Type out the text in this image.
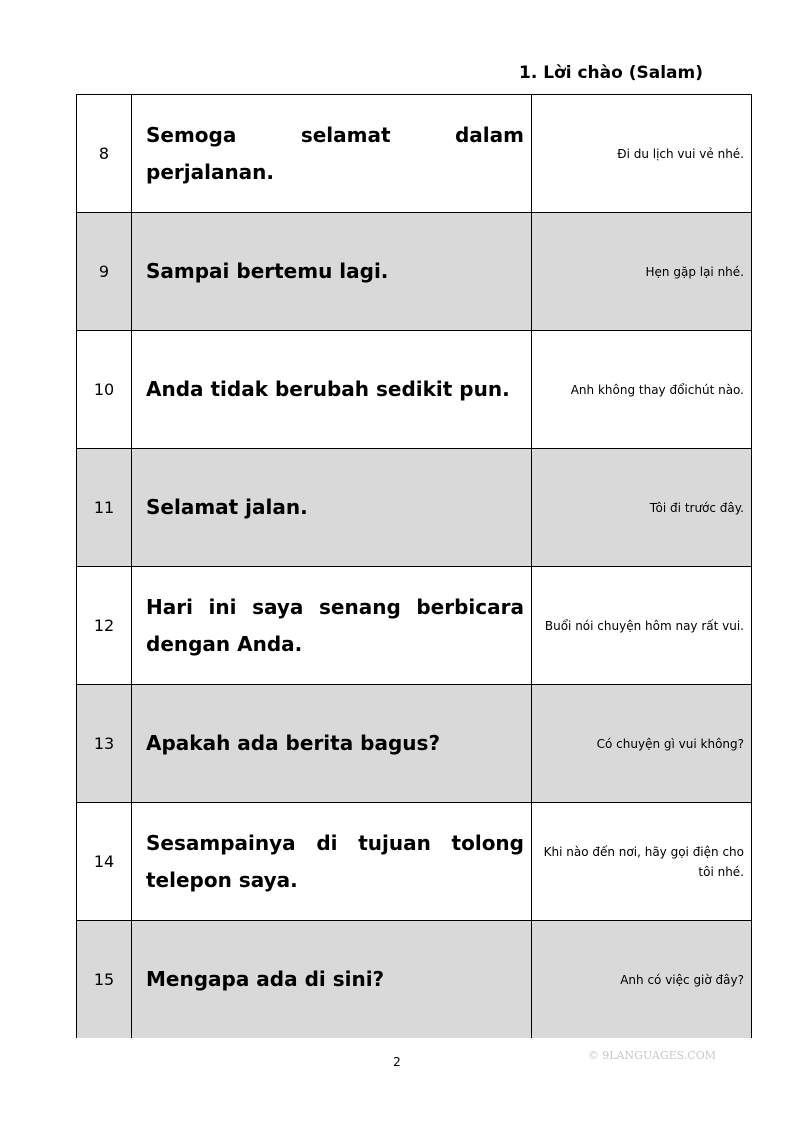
1. Lời chào (Salam)
8	Semoga selamat dalam perjalanan.	Đi du lịch vui vẻ nhé.
9	Sampai bertemu lagi.	Hẹn gặp lại nhé.
10	Anda tidak berubah sedikit pun.	Anh không thay đổichút nào.
11	Selamat jalan.	Tôi đi trước đây.
12	Hari ini saya senang berbicara dengan Anda.	Buổi nói chuyện hôm nay rất vui.
13	Apakah ada berita bagus?	Có chuyện gì vui không?
14	Sesampainya di tujuan tolong telepon saya.	Khi nào đến nơi, hãy gọi điện cho tôi nhé.
15	Mengapa ada di sini?	Anh có việc giờ đây?
2	© 9LANGUAGES.COM
